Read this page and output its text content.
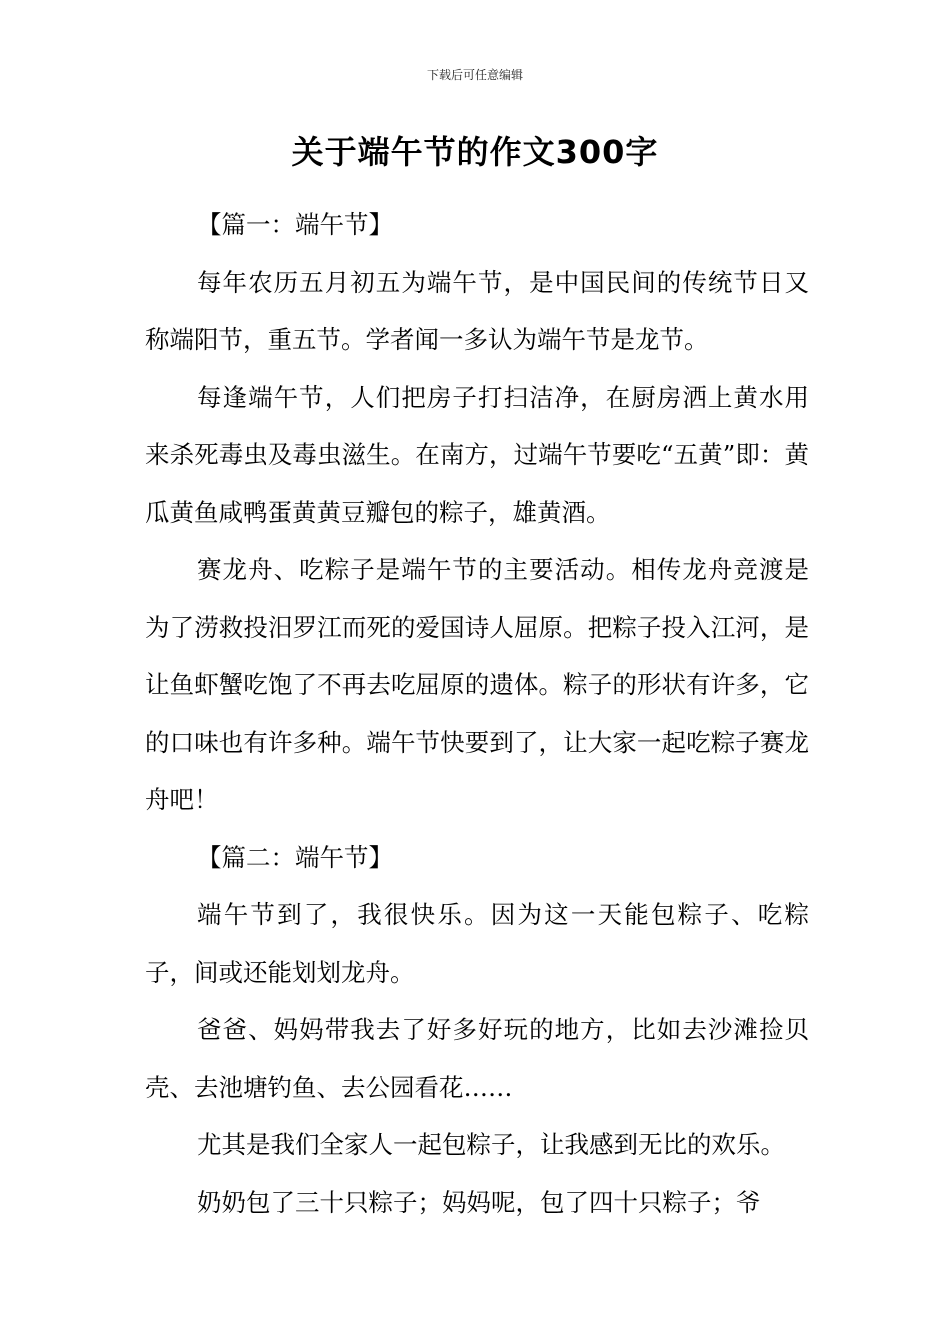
下载后可任意编辑
关于端午节的作文300字

【篇一：端午节】

每年农历五月初五为端午节，是中国民间的传统节日又称端阳节，重五节。学者闻一多认为端午节是龙节。

每逢端午节，人们把房子打扫洁净，在厨房洒上黄水用来杀死毒虫及毒虫滋生。在南方，过端午节要吃“五黄”即：黄瓜黄鱼咸鸭蛋黄黄豆瓣包的粽子，雄黄酒。

赛龙舟、吃粽子是端午节的主要活动。相传龙舟竞渡是为了涝救投汨罗江而死的爱国诗人屈原。把粽子投入江河，是让鱼虾蟹吃饱了不再去吃屈原的遗体。粽子的形状有许多，它的口味也有许多种。端午节快要到了，让大家一起吃粽子赛龙舟吧！

【篇二：端午节】

端午节到了，我很快乐。因为这一天能包粽子、吃粽子，间或还能划划龙舟。

爸爸、妈妈带我去了好多好玩的地方，比如去沙滩捡贝壳、去池塘钓鱼、去公园看花……

尤其是我们全家人一起包粽子，让我感到无比的欢乐。

奶奶包了三十只粽子；妈妈呢，包了四十只粽子；爷
